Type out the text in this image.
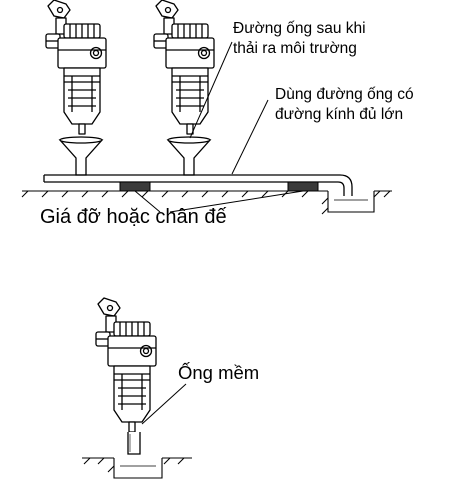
Đường ống sau khi
thải ra môi trường
Dùng đường ống có
đường kính đủ lớn
Giá đỡ hoặc chân đế
Ống mềm
